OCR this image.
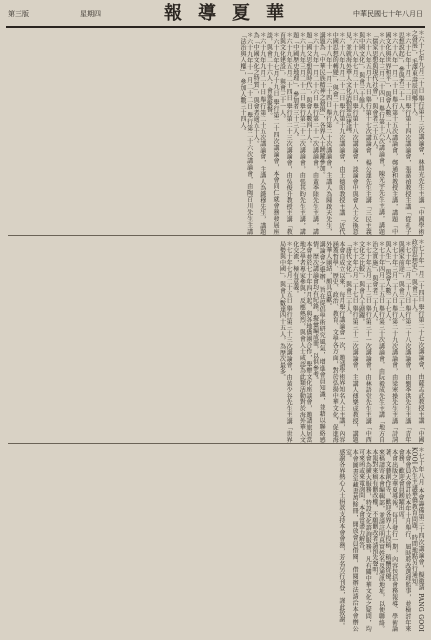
中華民國七十年八月日
華
夏
導
報
星期四
第三版

＊六十七年九月二十日 舉行第十三次講論會，林鼎光先生主講「中國學術之發展」，毛澤東壽辰同鄉十人。

＊六十七年十月二十二日 舉行第十四次講論會，張嘉禎教授主講「從孔子思想說起」，參與者三十一人。

＊六十八年一月二十日 舉行第十五次講論會，鄭通和教授主講，講題「中國文化與世界和平」，與會人數二十八人。

＊六十八年三月二十四日 舉行第十六次講論會，陳光宇先生主講，講題「儒家思想與現代社會」，與會者三十五人。

＊六十八年五月十九日 舉行第十七次講論會，楊公達先生主講「三民主義與中國文化」，與會三十餘人。

＊六十八年七月二十八日 舉行第十八次講論會，談論會中與會人士交換意見，並就海外華人文化活動提出建議。

＊六十八年九月二十二日 舉行第十九次講論會，由王德昭教授主講「近代中國思想的轉變」，與會二十九人。

＊六十八年十一月二十四日 舉行第二十次講論會，主講人為陳啟天先生，講題為「中華民族精神之發揚」，各界人士踴躍參加。

＊六十九年一月二十六日 舉行第二十一次講論會，由黃季陸先生主講，講題「國父思想與時代」，與會人數四十人。

＊六十九年三月二十二日 舉行第二十二次講論會，由張其昀先生主講，講題「中國歷史地理」，參加者三十三人。

＊六十九年五月二十四日 舉行第二十三次講論會，由吳俊升教授主講「教育與文化建設」，與會三十一人。

＊六十九年七月十九日 舉行第二十四次講論會，本會同仁就會務發展座談，與會二十六人，會後聚餐。

＊六十九年九月二十日 舉行第二十五次講論會，主講人為錢穆先生，講題為「中國文化之特質」，與會者逾五十人。

＊六十九年十一月二十二日 舉行第二十六次講論會，由陶百川先生主講「法治與人權」，參加人數三十四人。

＊七十年一月二十四日 舉行第二十七次講論會，由薩孟武教授主講「中國政治思想史」，與會三十人。

＊七十年二月二十八日 舉行第二十八次講論會，由劉季洪先生主講「青年與國家前途」，與會三十二人。

＊七十年三月二十八日 舉行第二十九次講論會，由梁寒操先生主講「詩詞與人生」，與會人數二十七人。

＊七十年四月二十五日 舉行第三十次講論會，由阮毅成先生主講「地方自治之實施」，與會者二十九人。

＊七十年五月二十三日 舉行第三十一次講論會，由林語堂先生主講「中西文化之比較」，與會人士踴躍。

＊七十年六月二十七日 舉行第三十二次講論會，主講人傅樂成教授，講題「唐代文化」，與會三十人。

本會自成立以來，每月舉行講論會一次，邀請學術界知名人士主講，內容涵蓋哲學、歷史、政治、教育、文學各方面，對於弘揚中華文化，促進海外華人團結，頗具貢獻。

講論會之舉辦，旨在提倡學術研究風氣，增進會員知識，並藉以聯絡感情。歷次講論會均有紀錄，擬彙編成冊，以供參考。

本會並於七十年四月起，與各地僑團合作，舉辦文化座談會，邀請旅居當地之學者專家參與，反應熱烈，與會人士咸認為此類活動對於海外華人文化交流，極有意義。

＊七十年七月二十五日 舉行第三十三次講論會，由黃少谷先生主講「世界局勢與中國」，與會人數達四十五人，為歷次最多。

＊七十年八月 本會籌備第三十四次講論會，擬邀請 PANG GOOI KOOI 先生主講華僑教育問題，時間地點另行通知。

本會會員大會訂於本年十月舉行，屆時將改選理監事，並檢討年來會務，歡迎會員踴躍出席。

本會出版之華夏導報，每月發行一期，內容包括會務報導、學術論著、文藝創作等，歡迎各界人士投稿，稿酬從優。

來稿請寄本會編輯部，並請註明真實姓名及通訊地址，以便聯絡。本報對來稿有刪改權，不願刪改者請預先聲明。

本會為擴大服務，特設文化諮詢服務，凡有關中華文化之疑問，均可來函或來電詢問，本會當盡力解答。

本會圖書室藏書萬餘冊，開放會員借閱，借閱辦法請洽本會辦公室。

感謝各界熱心人士捐款支持本會會務，芳名另行刊登，謹此致謝。
